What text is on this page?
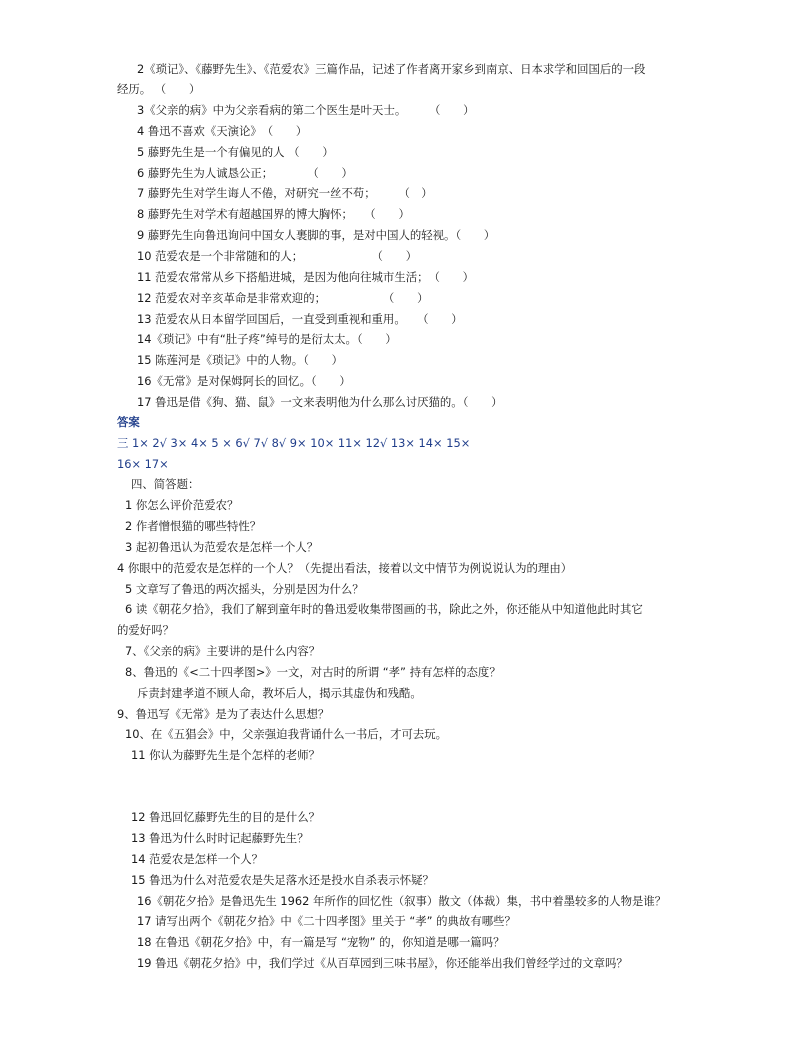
2《琐记》、《藤野先生》、《范爱农》三篇作品，记述了作者离开家乡到南京、日本求学和回国后的一段
经历。 （　　）
3《父亲的病》中为父亲看病的第二个医生是叶天士。　　　（　　）
4 鲁迅不喜欢《天演论》　（　　）
5 藤野先生是一个有偏见的人 （　　）
6 藤野先生为人诚恳公正；　　　　（　　）
7 藤野先生对学生诲人不倦，对研究一丝不苟；　　　（　）
8 藤野先生对学术有超越国界的博大胸怀；　　（　　）
9 藤野先生向鲁迅询问中国女人裹脚的事，是对中国人的轻视。（　　）
10 范爱农是一个非常随和的人；　　　　　　　（　　）
11 范爱农常常从乡下搭船进城，是因为他向往城市生活；　（　　）
12 范爱农对辛亥革命是非常欢迎的；　　　　　　（　　）
13 范爱农从日本留学回国后，一直受到重视和重用。　　（　　）
14《琐记》中有“肚子疼”绰号的是衍太太。（　　）
15 陈莲河是《琐记》中的人物。（　　）
16《无常》是对保姆阿长的回忆。（　　）
17 鲁迅是借《狗、猫、鼠》一文来表明他为什么那么讨厌猫的。（　　）
答案
三 1× 2√ 3× 4× 5 × 6√ 7√ 8√ 9× 10× 11× 12√ 13× 14× 15×
16× 17×
四、简答题：
1 你怎么评价范爱农？
2 作者憎恨猫的哪些特性？
3 起初鲁迅认为范爱农是怎样一个人？
4 你眼中的范爱农是怎样的一个人？（先提出看法，接着以文中情节为例说说认为的理由）
5 文章写了鲁迅的两次摇头，分别是因为什么？
6 读《朝花夕拾》，我们了解到童年时的鲁迅爱收集带图画的书，除此之外，你还能从中知道他此时其它
的爱好吗？
7、《父亲的病》主要讲的是什么内容？
8、鲁迅的《<二十四孝图>》一文，对古时的所谓 “孝” 持有怎样的态度？
斥责封建孝道不顾人命，教坏后人，揭示其虚伪和残酷。
9、鲁迅写《无常》是为了表达什么思想？
10、在《五猖会》中，父亲强迫我背诵什么一书后，才可去玩。
11 你认为藤野先生是个怎样的老师？
12 鲁迅回忆藤野先生的目的是什么？
13 鲁迅为什么时时记起藤野先生？
14 范爱农是怎样一个人？
15 鲁迅为什么对范爱农是失足落水还是投水自杀表示怀疑？
16《朝花夕拾》是鲁迅先生 1962 年所作的回忆性（叙事）散文（体裁）集，书中着墨较多的人物是谁？
17 请写出两个《朝花夕拾》中《二十四孝图》里关于 “孝” 的典故有哪些？
18 在鲁迅《朝花夕拾》中，有一篇是写 “宠物” 的，你知道是哪一篇吗？
19 鲁迅《朝花夕拾》中，我们学过《从百草园到三味书屋》，你还能举出我们曾经学过的文章吗？
